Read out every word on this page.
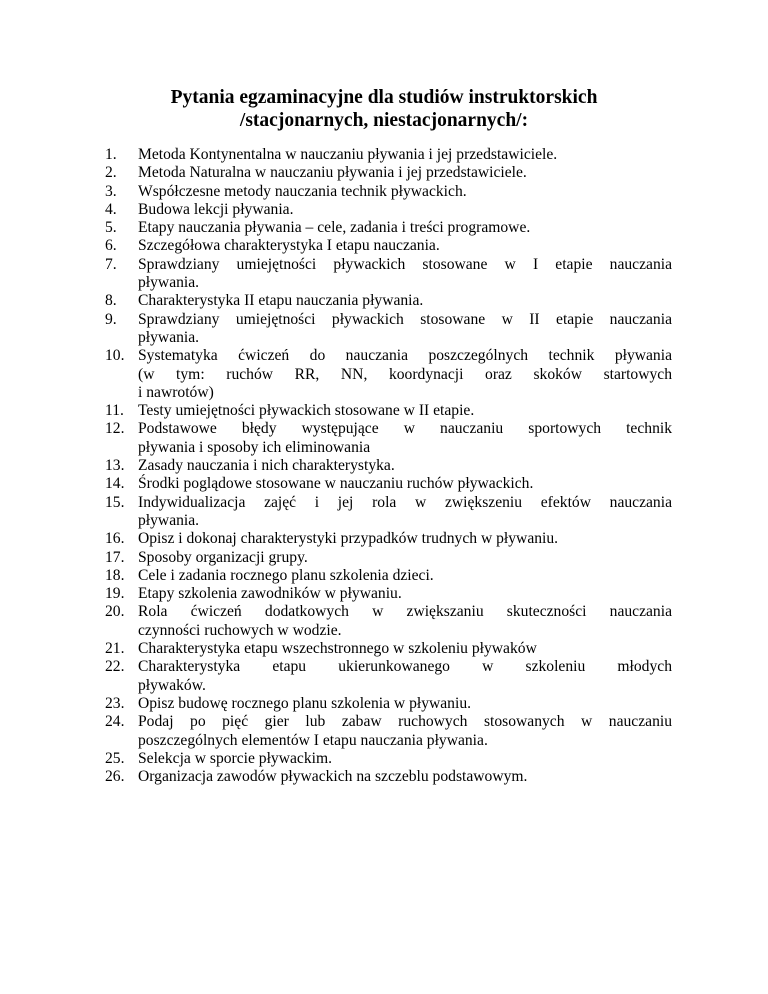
Pytania egzaminacyjne dla studiów instruktorskich
/stacjonarnych, niestacjonarnych/:
1. Metoda Kontynentalna w nauczaniu pływania i jej przedstawiciele.
2. Metoda Naturalna w nauczaniu pływania i jej przedstawiciele.
3. Współczesne metody nauczania technik pływackich.
4. Budowa lekcji pływania.
5. Etapy nauczania pływania – cele, zadania i treści programowe.
6. Szczegółowa charakterystyka I etapu nauczania.
7. Sprawdziany umiejętności pływackich stosowane w I etapie nauczania
pływania.
8. Charakterystyka II etapu nauczania pływania.
9. Sprawdziany umiejętności pływackich stosowane w II etapie nauczania
pływania.
10. Systematyka ćwiczeń do nauczania poszczególnych technik pływania
(w tym: ruchów RR, NN, koordynacji oraz skoków startowych
i nawrotów)
11. Testy umiejętności pływackich stosowane w II etapie.
12. Podstawowe błędy występujące w nauczaniu sportowych technik
pływania i sposoby ich eliminowania
13. Zasady nauczania i nich charakterystyka.
14. Środki poglądowe stosowane w nauczaniu ruchów pływackich.
15. Indywidualizacja zajęć i jej rola w zwiększeniu efektów nauczania
pływania.
16. Opisz i dokonaj charakterystyki przypadków trudnych w pływaniu.
17. Sposoby organizacji grupy.
18. Cele i zadania rocznego planu szkolenia dzieci.
19. Etapy szkolenia zawodników w pływaniu.
20. Rola ćwiczeń dodatkowych w zwiększaniu skuteczności nauczania
czynności ruchowych w wodzie.
21. Charakterystyka etapu wszechstronnego w szkoleniu pływaków
22. Charakterystyka etapu ukierunkowanego w szkoleniu młodych
pływaków.
23. Opisz budowę rocznego planu szkolenia w pływaniu.
24. Podaj po pięć gier lub zabaw ruchowych stosowanych w nauczaniu
poszczególnych elementów I etapu nauczania pływania.
25. Selekcja w sporcie pływackim.
26. Organizacja zawodów pływackich na szczeblu podstawowym.
